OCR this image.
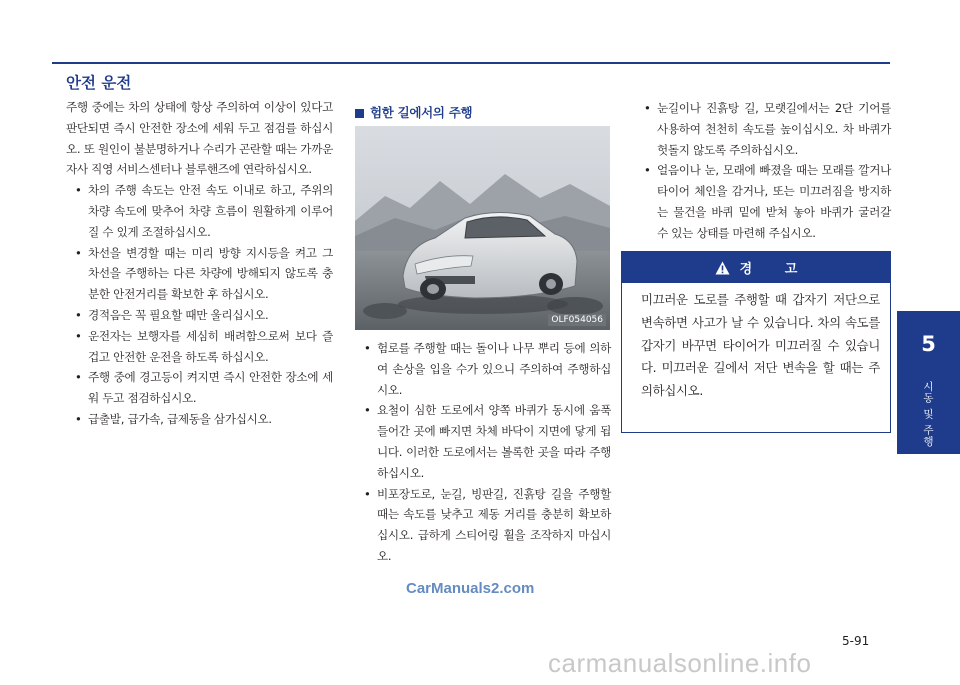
안전 운전

주행 중에는 차의 상태에 항상 주의하여 이상이 있다고 판단되면 즉시 안전한 장소에 세워 두고 점검를 하십시오. 또 원인이 불분명하거나 수리가 곤란할 때는 가까운 자사 직영 서비스센터나 블루핸즈에 연락하십시오.

• 차의 주행 속도는 안전 속도 이내로 하고, 주위의 차량 속도에 맞추어 차량 흐름이 원활하게 이루어질 수 있게 조절하십시오.
• 차선을 변경할 때는 미리 방향 지시등을 켜고 그 차선을 주행하는 다른 차량에 방해되지 않도록 충분한 안전거리를 확보한 후 하십시오.
• 경적음은 꼭 필요할 때만 울리십시오.
• 운전자는 보행자를 세심히 배려함으로써 보다 즐겁고 안전한 운전을 하도록 하십시오.
• 주행 중에 경고등이 켜지면 즉시 안전한 장소에 세워 두고 점검하십시오.
• 급출발, 급가속, 급제동을 삼가십시오.
험한 길에서의 주행
OLF054056
• 험로를 주행할 때는 돌이나 나무 뿌리 등에 의하여 손상을 입을 수가 있으니 주의하여 주행하십시오.
• 요철이 심한 도로에서 양쪽 바퀴가 동시에 움푹 들어간 곳에 빠지면 차체 바닥이 지면에 닿게 됩니다. 이러한 도로에서는 볼록한 곳을 따라 주행하십시오.
• 비포장도로, 눈길, 빙판길, 진흙탕 길을 주행할 때는 속도를 낮추고 제동 거리를 충분히 확보하십시오. 급하게 스티어링 휠을 조작하지 마십시오.
• 눈길이나 진흙탕 길, 모랫길에서는 2단 기어를 사용하여 천천히 속도를 높이십시오. 차 바퀴가 헛돌지 않도록 주의하십시오.
• 얼음이나 눈, 모래에 빠졌을 때는 모래를 깔거나 타이어 체인을 감거나, 또는 미끄러짐을 방지하는 물건을 바퀴 밑에 받쳐 놓아 바퀴가 굴러갈 수 있는 상태를 마련해 주십시오.
경 고
미끄러운 도로를 주행할 때 갑자기 저단으로 변속하면 사고가 날 수 있습니다. 차의 속도를 갑자기 바꾸면 타이어가 미끄러질 수 있습니다. 미끄러운 길에서 저단 변속을 할 때는 주의하십시오.
5
시동 및 주행
CarManuals2.com
5-91
carmanualsonline.info
